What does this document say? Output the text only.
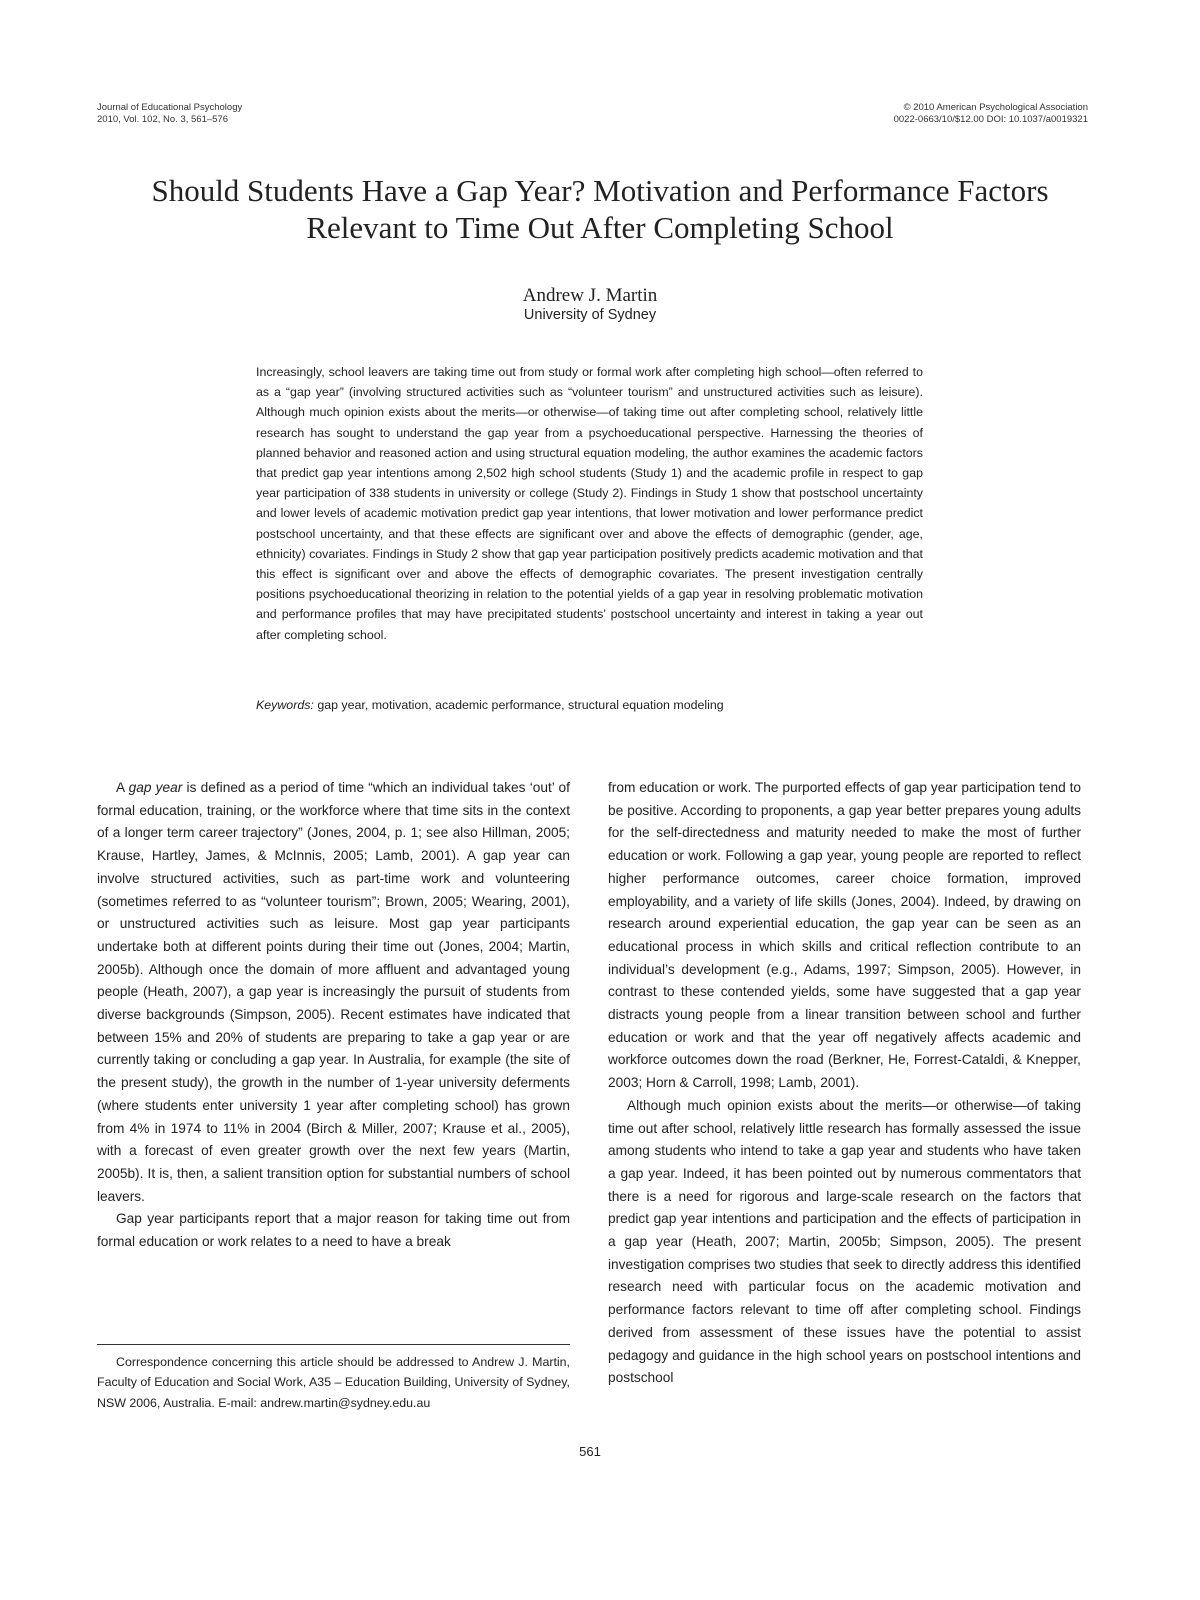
Journal of Educational Psychology
2010, Vol. 102, No. 3, 561–576
© 2010 American Psychological Association
0022-0663/10/$12.00 DOI: 10.1037/a0019321
Should Students Have a Gap Year? Motivation and Performance Factors
Relevant to Time Out After Completing School
Andrew J. Martin
University of Sydney

Increasingly, school leavers are taking time out from study or formal work after completing high school—often referred to as a “gap year” (involving structured activities such as “volunteer tourism” and unstructured activities such as leisure). Although much opinion exists about the merits—or otherwise—of taking time out after completing school, relatively little research has sought to understand the gap year from a psychoeducational perspective. Harnessing the theories of planned behavior and reasoned action and using structural equation modeling, the author examines the academic factors that predict gap year intentions among 2,502 high school students (Study 1) and the academic profile in respect to gap year participation of 338 students in university or college (Study 2). Findings in Study 1 show that postschool uncertainty and lower levels of academic motivation predict gap year intentions, that lower motivation and lower performance predict postschool uncertainty, and that these effects are significant over and above the effects of demographic (gender, age, ethnicity) covariates. Findings in Study 2 show that gap year participation positively predicts academic motivation and that this effect is significant over and above the effects of demographic covariates. The present investigation centrally positions psychoeducational theorizing in relation to the potential yields of a gap year in resolving problematic motivation and performance profiles that may have precipitated students’ postschool uncertainty and interest in taking a year out after completing school.

Keywords: gap year, motivation, academic performance, structural equation modeling

A gap year is defined as a period of time “which an individual takes ‘out’ of formal education, training, or the workforce where that time sits in the context of a longer term career trajectory” (Jones, 2004, p. 1; see also Hillman, 2005; Krause, Hartley, James, & McInnis, 2005; Lamb, 2001). A gap year can involve structured activities, such as part-time work and volunteering (sometimes referred to as “volunteer tourism”; Brown, 2005; Wearing, 2001), or unstructured activities such as leisure. Most gap year participants undertake both at different points during their time out (Jones, 2004; Martin, 2005b). Although once the domain of more affluent and advantaged young people (Heath, 2007), a gap year is increasingly the pursuit of students from diverse backgrounds (Simpson, 2005). Recent estimates have indicated that between 15% and 20% of students are preparing to take a gap year or are currently taking or concluding a gap year. In Australia, for example (the site of the present study), the growth in the number of 1-year university deferments (where students enter university 1 year after completing school) has grown from 4% in 1974 to 11% in 2004 (Birch & Miller, 2007; Krause et al., 2005), with a forecast of even greater growth over the next few years (Martin, 2005b). It is, then, a salient transition option for substantial numbers of school leavers.

Gap year participants report that a major reason for taking time out from formal education or work relates to a need to have a break

from education or work. The purported effects of gap year participation tend to be positive. According to proponents, a gap year better prepares young adults for the self-directedness and maturity needed to make the most of further education or work. Following a gap year, young people are reported to reflect higher performance outcomes, career choice formation, improved employability, and a variety of life skills (Jones, 2004). Indeed, by drawing on research around experiential education, the gap year can be seen as an educational process in which skills and critical reflection contribute to an individual’s development (e.g., Adams, 1997; Simpson, 2005). However, in contrast to these contended yields, some have suggested that a gap year distracts young people from a linear transition between school and further education or work and that the year off negatively affects academic and workforce outcomes down the road (Berkner, He, Forrest-Cataldi, & Knepper, 2003; Horn & Carroll, 1998; Lamb, 2001).

Although much opinion exists about the merits—or otherwise—of taking time out after school, relatively little research has formally assessed the issue among students who intend to take a gap year and students who have taken a gap year. Indeed, it has been pointed out by numerous commentators that there is a need for rigorous and large-scale research on the factors that predict gap year intentions and participation and the effects of participation in a gap year (Heath, 2007; Martin, 2005b; Simpson, 2005). The present investigation comprises two studies that seek to directly address this identified research need with particular focus on the academic motivation and performance factors relevant to time off after completing school. Findings derived from assessment of these issues have the potential to assist pedagogy and guidance in the high school years on postschool intentions and postschool

Correspondence concerning this article should be addressed to Andrew J. Martin, Faculty of Education and Social Work, A35 – Education Building, University of Sydney, NSW 2006, Australia. E-mail: andrew.martin@sydney.edu.au

561
